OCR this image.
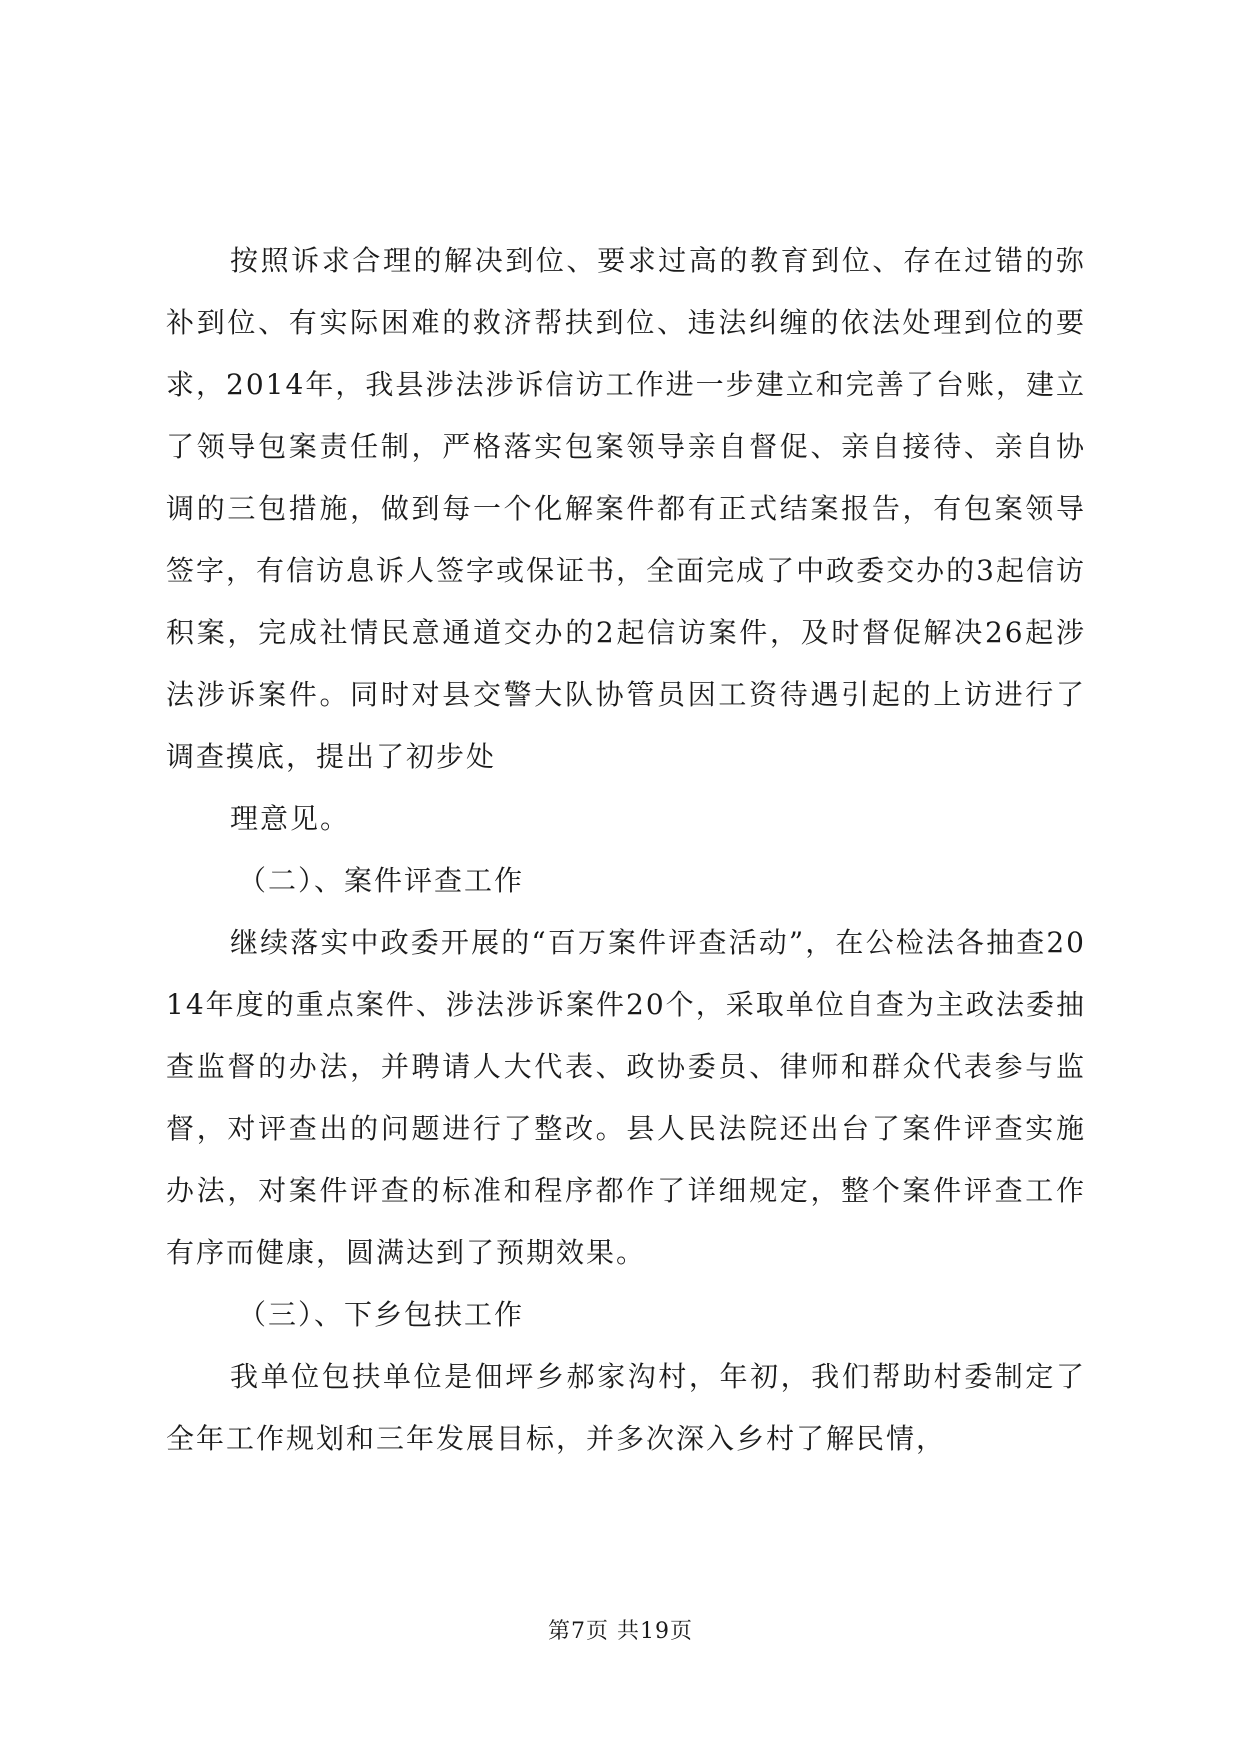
按照诉求合理的解决到位、要求过高的教育到位、存在过错的弥补到位、有实际困难的救济帮扶到位、违法纠缠的依法处理到位的要求，2014年，我县涉法涉诉信访工作进一步建立和完善了台账，建立了领导包案责任制，严格落实包案领导亲自督促、亲自接待、亲自协调的三包措施，做到每一个化解案件都有正式结案报告，有包案领导签字，有信访息诉人签字或保证书，全面完成了中政委交办的3起信访积案，完成社情民意通道交办的2起信访案件，及时督促解决26起涉法涉诉案件。同时对县交警大队协管员因工资待遇引起的上访进行了调查摸底，提出了初步处

理意见。

（二）、案件评查工作

继续落实中政委开展的“百万案件评查活动”，在公检法各抽查2014年度的重点案件、涉法涉诉案件20个，采取单位自查为主政法委抽查监督的办法，并聘请人大代表、政协委员、律师和群众代表参与监督，对评查出的问题进行了整改。县人民法院还出台了案件评查实施办法，对案件评查的标准和程序都作了详细规定，整个案件评查工作有序而健康，圆满达到了预期效果。

（三）、下乡包扶工作

我单位包扶单位是佃坪乡郝家沟村，年初，我们帮助村委制定了全年工作规划和三年发展目标，并多次深入乡村了解民情，

第7页 共19页
